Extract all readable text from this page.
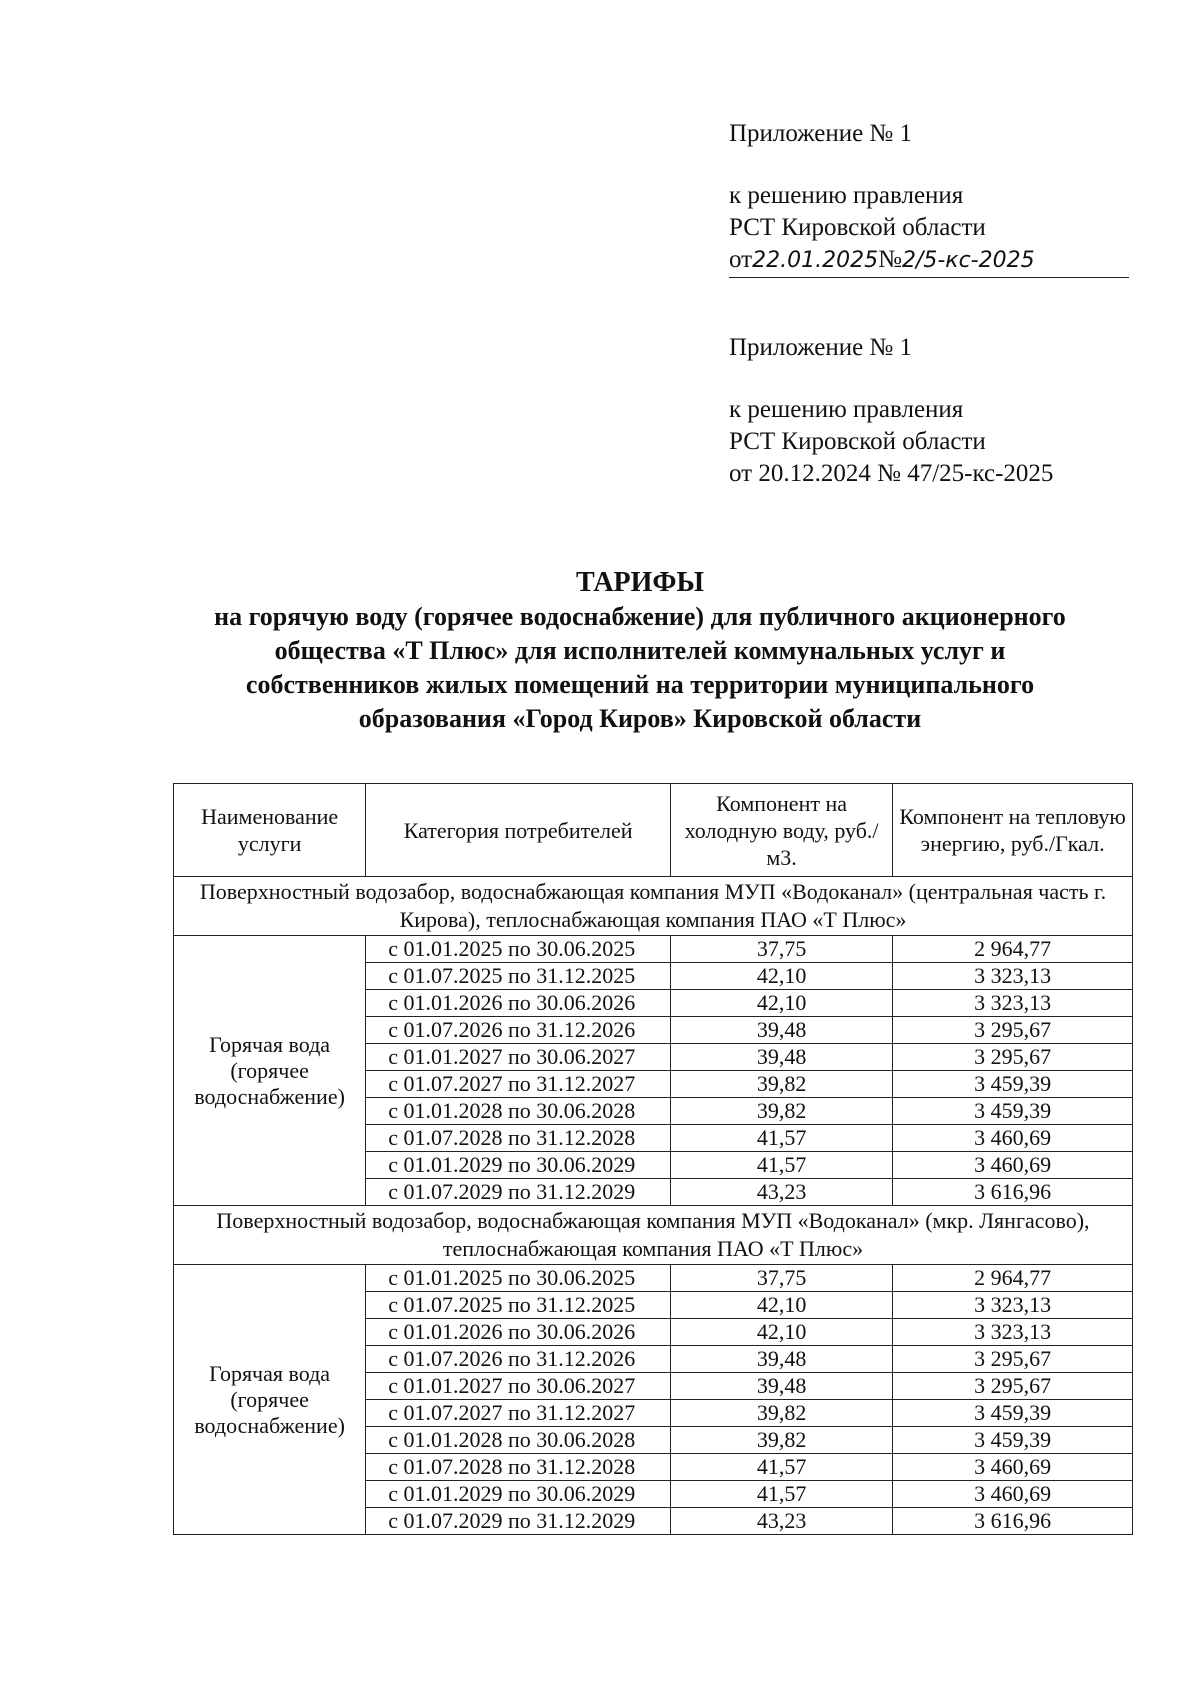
Приложение № 1
к решению правления
РСТ Кировской области
от22.01.2025№2/5-кс-2025
Приложение № 1
к решению правления
РСТ Кировской области
от 20.12.2024 № 47/25-кс-2025
ТАРИФЫ
на горячую воду (горячее водоснабжение) для публичного акционерного
общества «Т Плюс» для исполнителей коммунальных услуг и
собственников жилых помещений на территории муниципального
образования «Город Киров» Кировской области
Наименование услуги	Категория потребителей	Компонент на холодную воду, руб./м3.	Компонент на тепловую энергию, руб./Гкал.
Поверхностный водозабор, водоснабжающая компания МУП «Водоканал» (центральная часть г. Кирова), теплоснабжающая компания ПАО «Т Плюс»			
Горячая вода (горячее водоснабжение)	с 01.01.2025 по 30.06.2025	37,75	2 964,77
	с 01.07.2025 по 31.12.2025	42,10	3 323,13
	с 01.01.2026 по 30.06.2026	42,10	3 323,13
	с 01.07.2026 по 31.12.2026	39,48	3 295,67
	с 01.01.2027 по 30.06.2027	39,48	3 295,67
	с 01.07.2027 по 31.12.2027	39,82	3 459,39
	с 01.01.2028 по 30.06.2028	39,82	3 459,39
	с 01.07.2028 по 31.12.2028	41,57	3 460,69
	с 01.01.2029 по 30.06.2029	41,57	3 460,69
	с 01.07.2029 по 31.12.2029	43,23	3 616,96
Поверхностный водозабор, водоснабжающая компания МУП «Водоканал» (мкр. Лянгасово), теплоснабжающая компания ПАО «Т Плюс»			
Горячая вода (горячее водоснабжение)	с 01.01.2025 по 30.06.2025	37,75	2 964,77
	с 01.07.2025 по 31.12.2025	42,10	3 323,13
	с 01.01.2026 по 30.06.2026	42,10	3 323,13
	с 01.07.2026 по 31.12.2026	39,48	3 295,67
	с 01.01.2027 по 30.06.2027	39,48	3 295,67
	с 01.07.2027 по 31.12.2027	39,82	3 459,39
	с 01.01.2028 по 30.06.2028	39,82	3 459,39
	с 01.07.2028 по 31.12.2028	41,57	3 460,69
	с 01.01.2029 по 30.06.2029	41,57	3 460,69
	с 01.07.2029 по 31.12.2029	43,23	3 616,96
